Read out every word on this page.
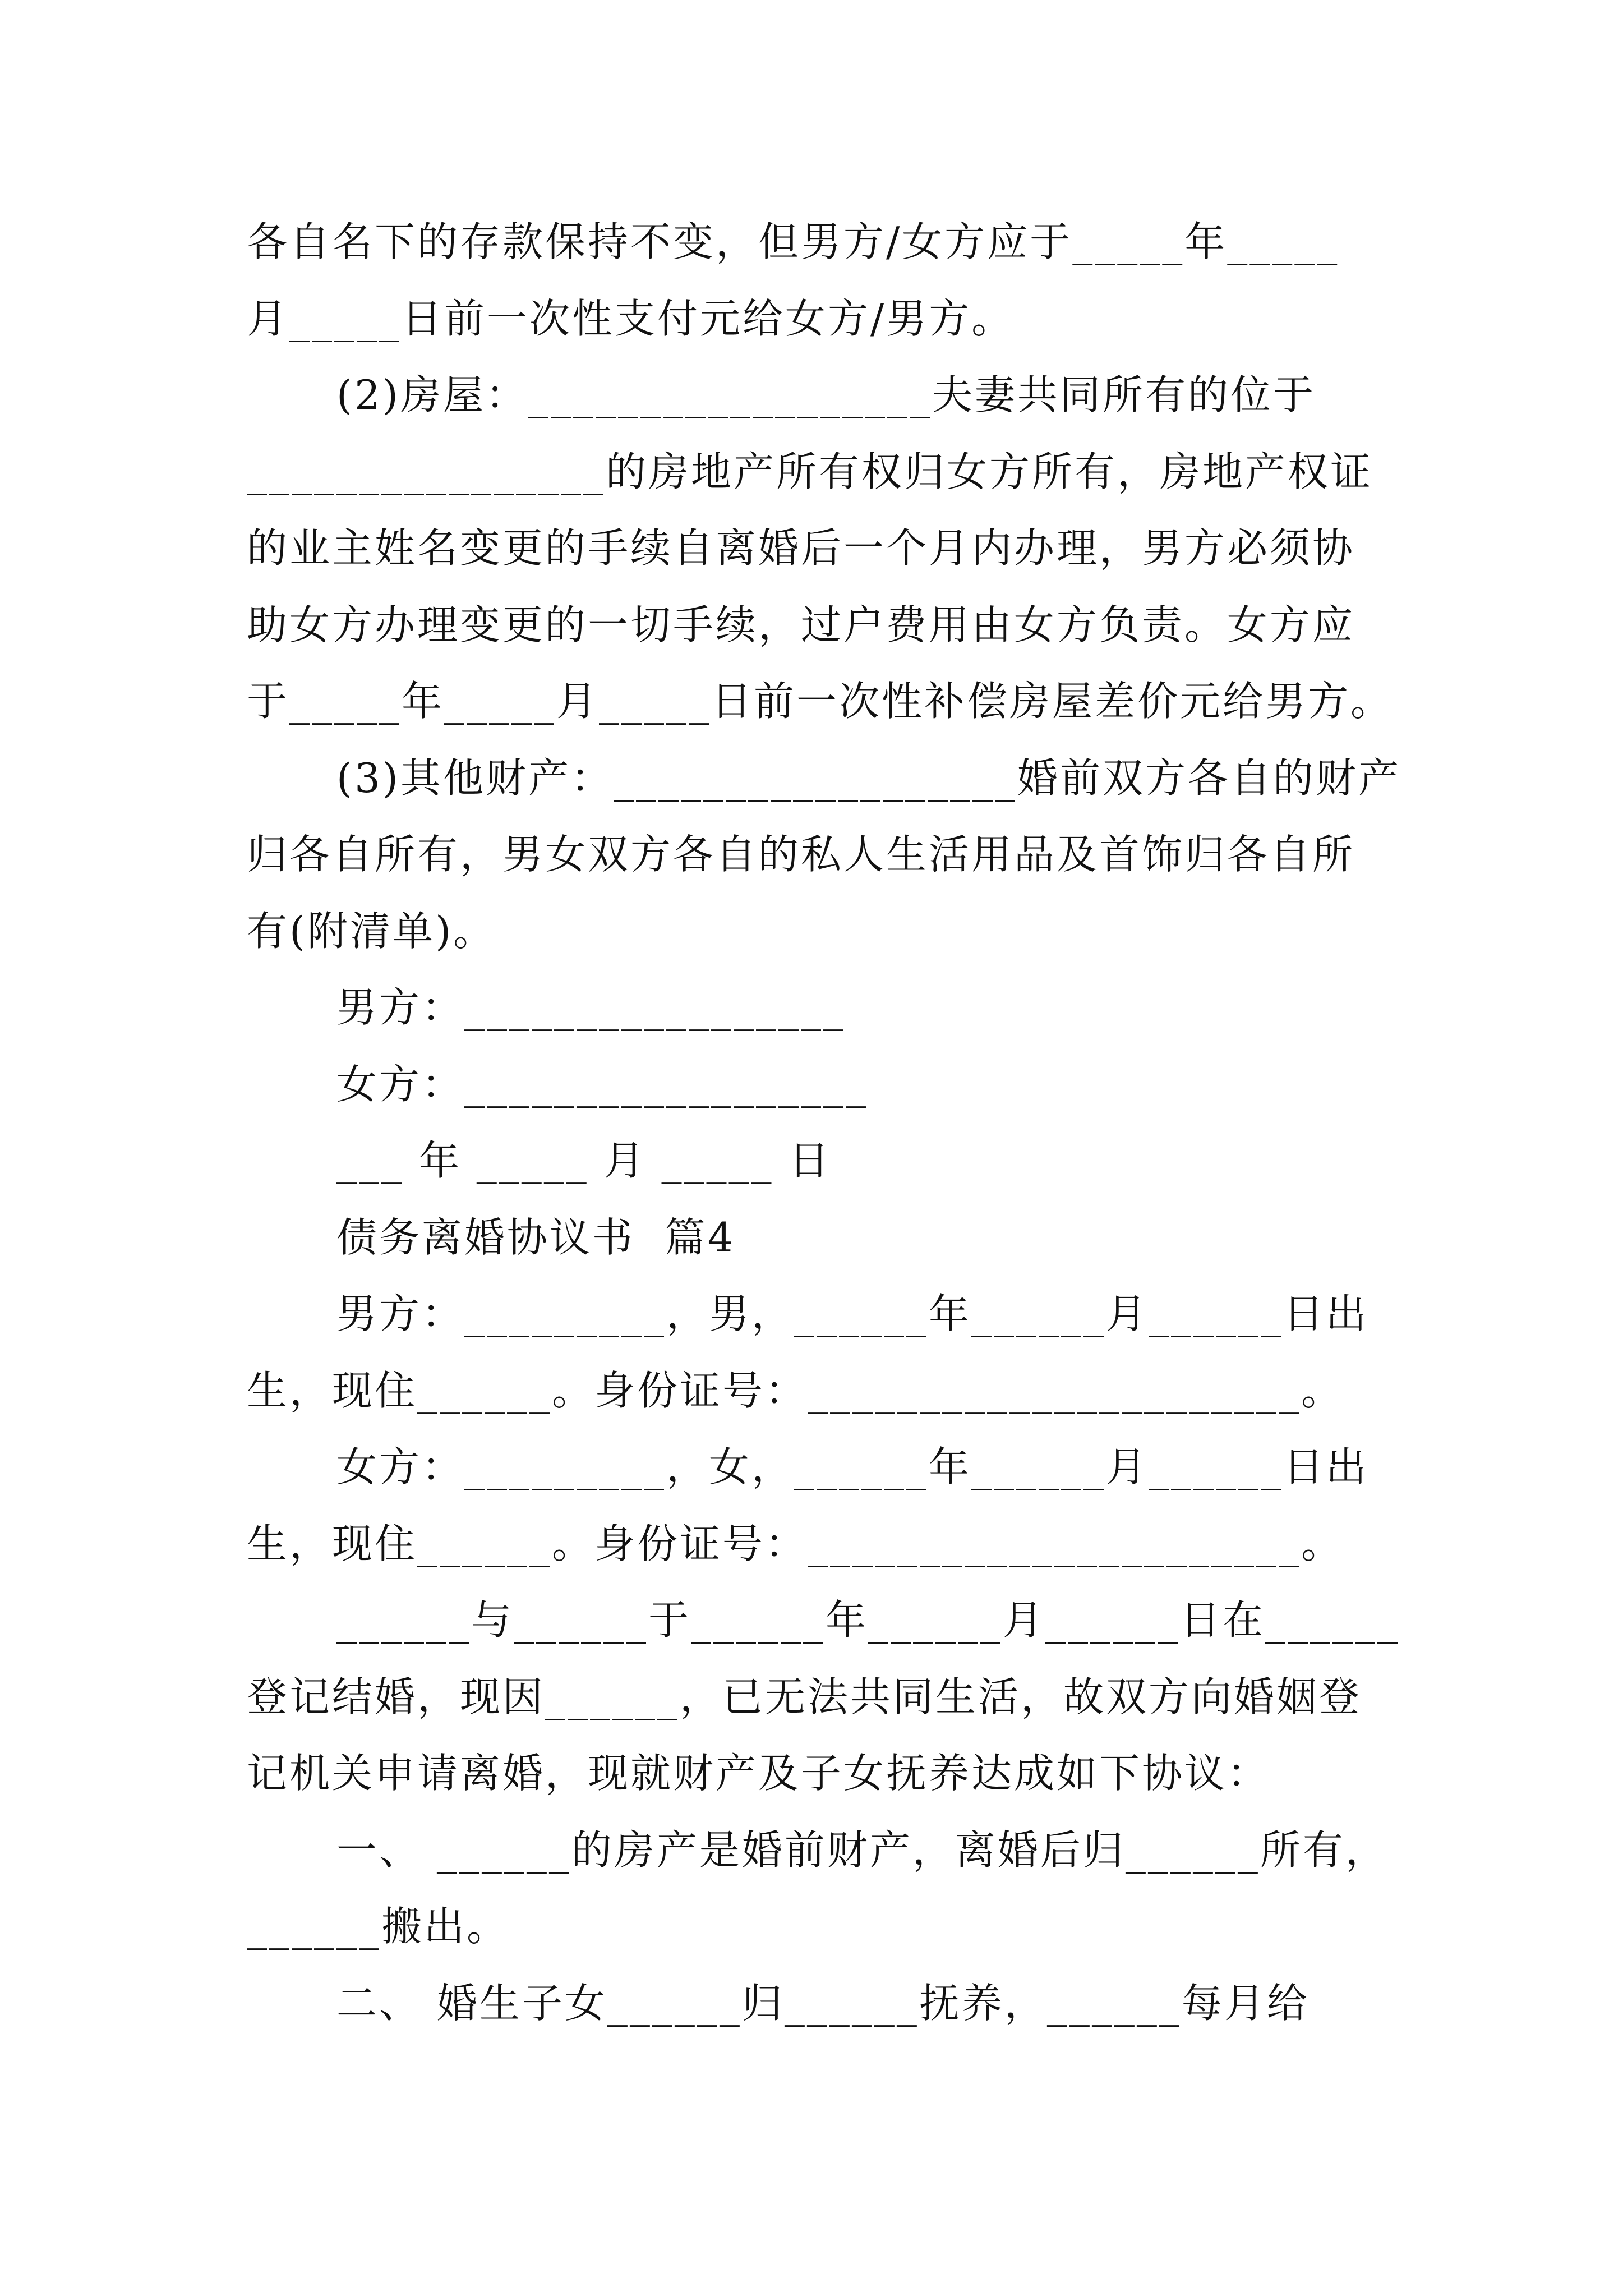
各自名下的存款保持不变，但男方/女方应于_____年_____
月_____日前一次性支付元给女方/男方。
(2)房屋：__________________夫妻共同所有的位于
________________的房地产所有权归女方所有，房地产权证
的业主姓名变更的手续自离婚后一个月内办理，男方必须协
助女方办理变更的一切手续，过户费用由女方负责。女方应
于_____年_____月_____日前一次性补偿房屋差价元给男方。
(3)其他财产：__________________婚前双方各自的财产
归各自所有，男女双方各自的私人生活用品及首饰归各自所
有(附清单)。
男方：_________________
女方：__________________
___ 年 _____ 月 _____ 日
债务离婚协议书  篇4
男方：_________，男，______年______月______日出
生，现住______。身份证号：______________________。
女方：_________，女，______年______月______日出
生，现住______。身份证号：______________________。
______与______于______年______月______日在______
登记结婚，现因______，已无法共同生活，故双方向婚姻登
记机关申请离婚，现就财产及子女抚养达成如下协议：
一、 ______的房产是婚前财产，离婚后归______所有，
______搬出。
二、 婚生子女______归______抚养，______每月给
